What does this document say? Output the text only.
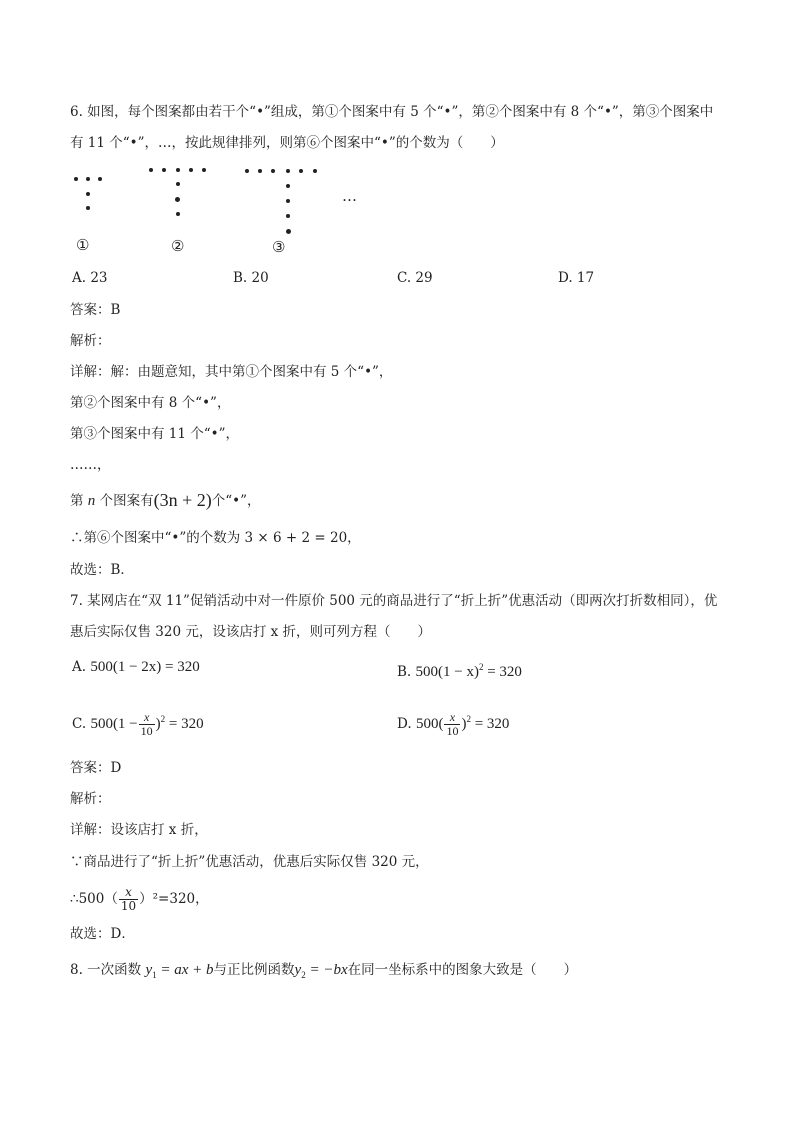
6. 如图，每个图案都由若干个“•”组成，第①个图案中有 5 个“•”，第②个图案中有 8 个“•”，第③个图案中
有 11 个“•”，…，按此规律排列，则第⑥个图案中“•”的个数为（　　）
…
①	②	③
A. 23	B. 20	C. 29	D. 17
答案：B
解析：
详解：解：由题意知，其中第①个图案中有 5 个“•”，
第②个图案中有 8 个“•”，
第③个图案中有 11 个“•”，
……，
第 n 个图案有(3n + 2)个“•”，
∴第⑥个图案中“•”的个数为 3 × 6 + 2 = 20，
故选：B．
7. 某网店在“双 11”促销活动中对一件原价 500 元的商品进行了“折上折”优惠活动（即两次打折数相同），优
惠后实际仅售 320 元，设该店打 x 折，则可列方程（　　）
A. 500(1 − 2x) = 320	B. $500(1 - x)^2 = 320$
C. $500(1 - \frac{x}{10} )^2 = 320$	D. $500( \frac{x}{10} )^2 = 320$
答案：D
解析：
详解：设该店打 x 折，
∵商品进行了“折上折”优惠活动，优惠后实际仅售 320 元，
∴500（ $\frac{x}{10} )^2=320$，
故选：D．
8. 一次函数 $y_1$ = ax + b与正比例函数$y_2 = -bx$在同一坐标系中的图象大致是（　　）
